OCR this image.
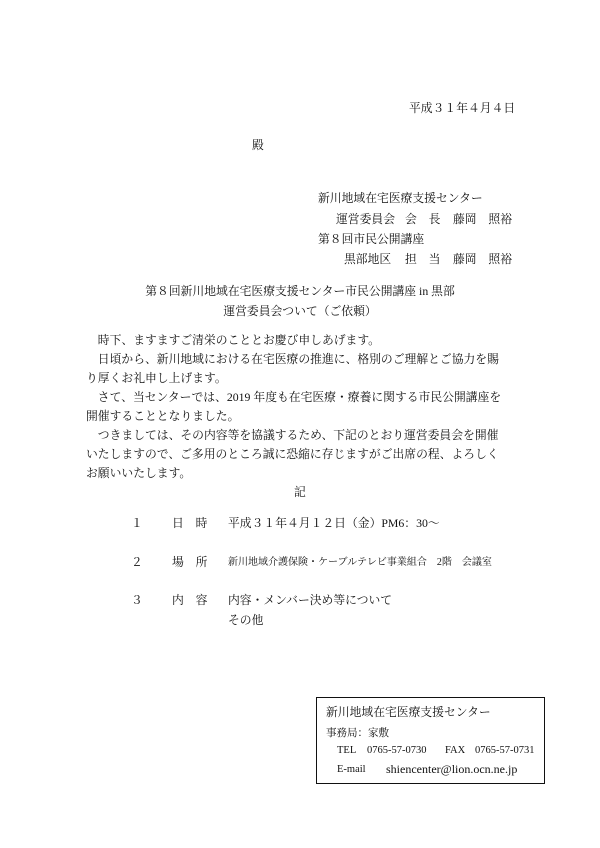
平成３１年４月４日
殿
新川地域在宅医療支援センター
運営委員会 会　長 藤岡　照裕
第８回市民公開講座
黒部地区 担　当 藤岡　照裕
第８回新川地域在宅医療支援センター市民公開講座 in 黒部
運営委員会ついて（ご依頼）
　時下、ますますご清栄のこととお慶び申しあげます。
　日頃から、新川地域における在宅医療の推進に、格別のご理解とご協力を賜
り厚くお礼申し上げます。
　さて、当センターでは、2019 年度も在宅医療・療養に関する市民公開講座を
開催することとなりました。
　つきましては、その内容等を協議するため、下記のとおり運営委員会を開催
いたしますので、ご多用のところ誠に恐縮に存じますがご出席の程、よろしく
お願いいたします。
記
１ 日　時 平成３１年４月１２日（金）PM6：30～
２ 場　所 新川地域介護保険・ケーブルテレビ事業組合　2階　会議室
３ 内　容 内容・メンバー決め等について
その他
新川地域在宅医療支援センター
事務局：家敷
TEL 0765-57-0730 FAX 0765-57-0731
E-mail shiencenter@lion.ocn.ne.jp
